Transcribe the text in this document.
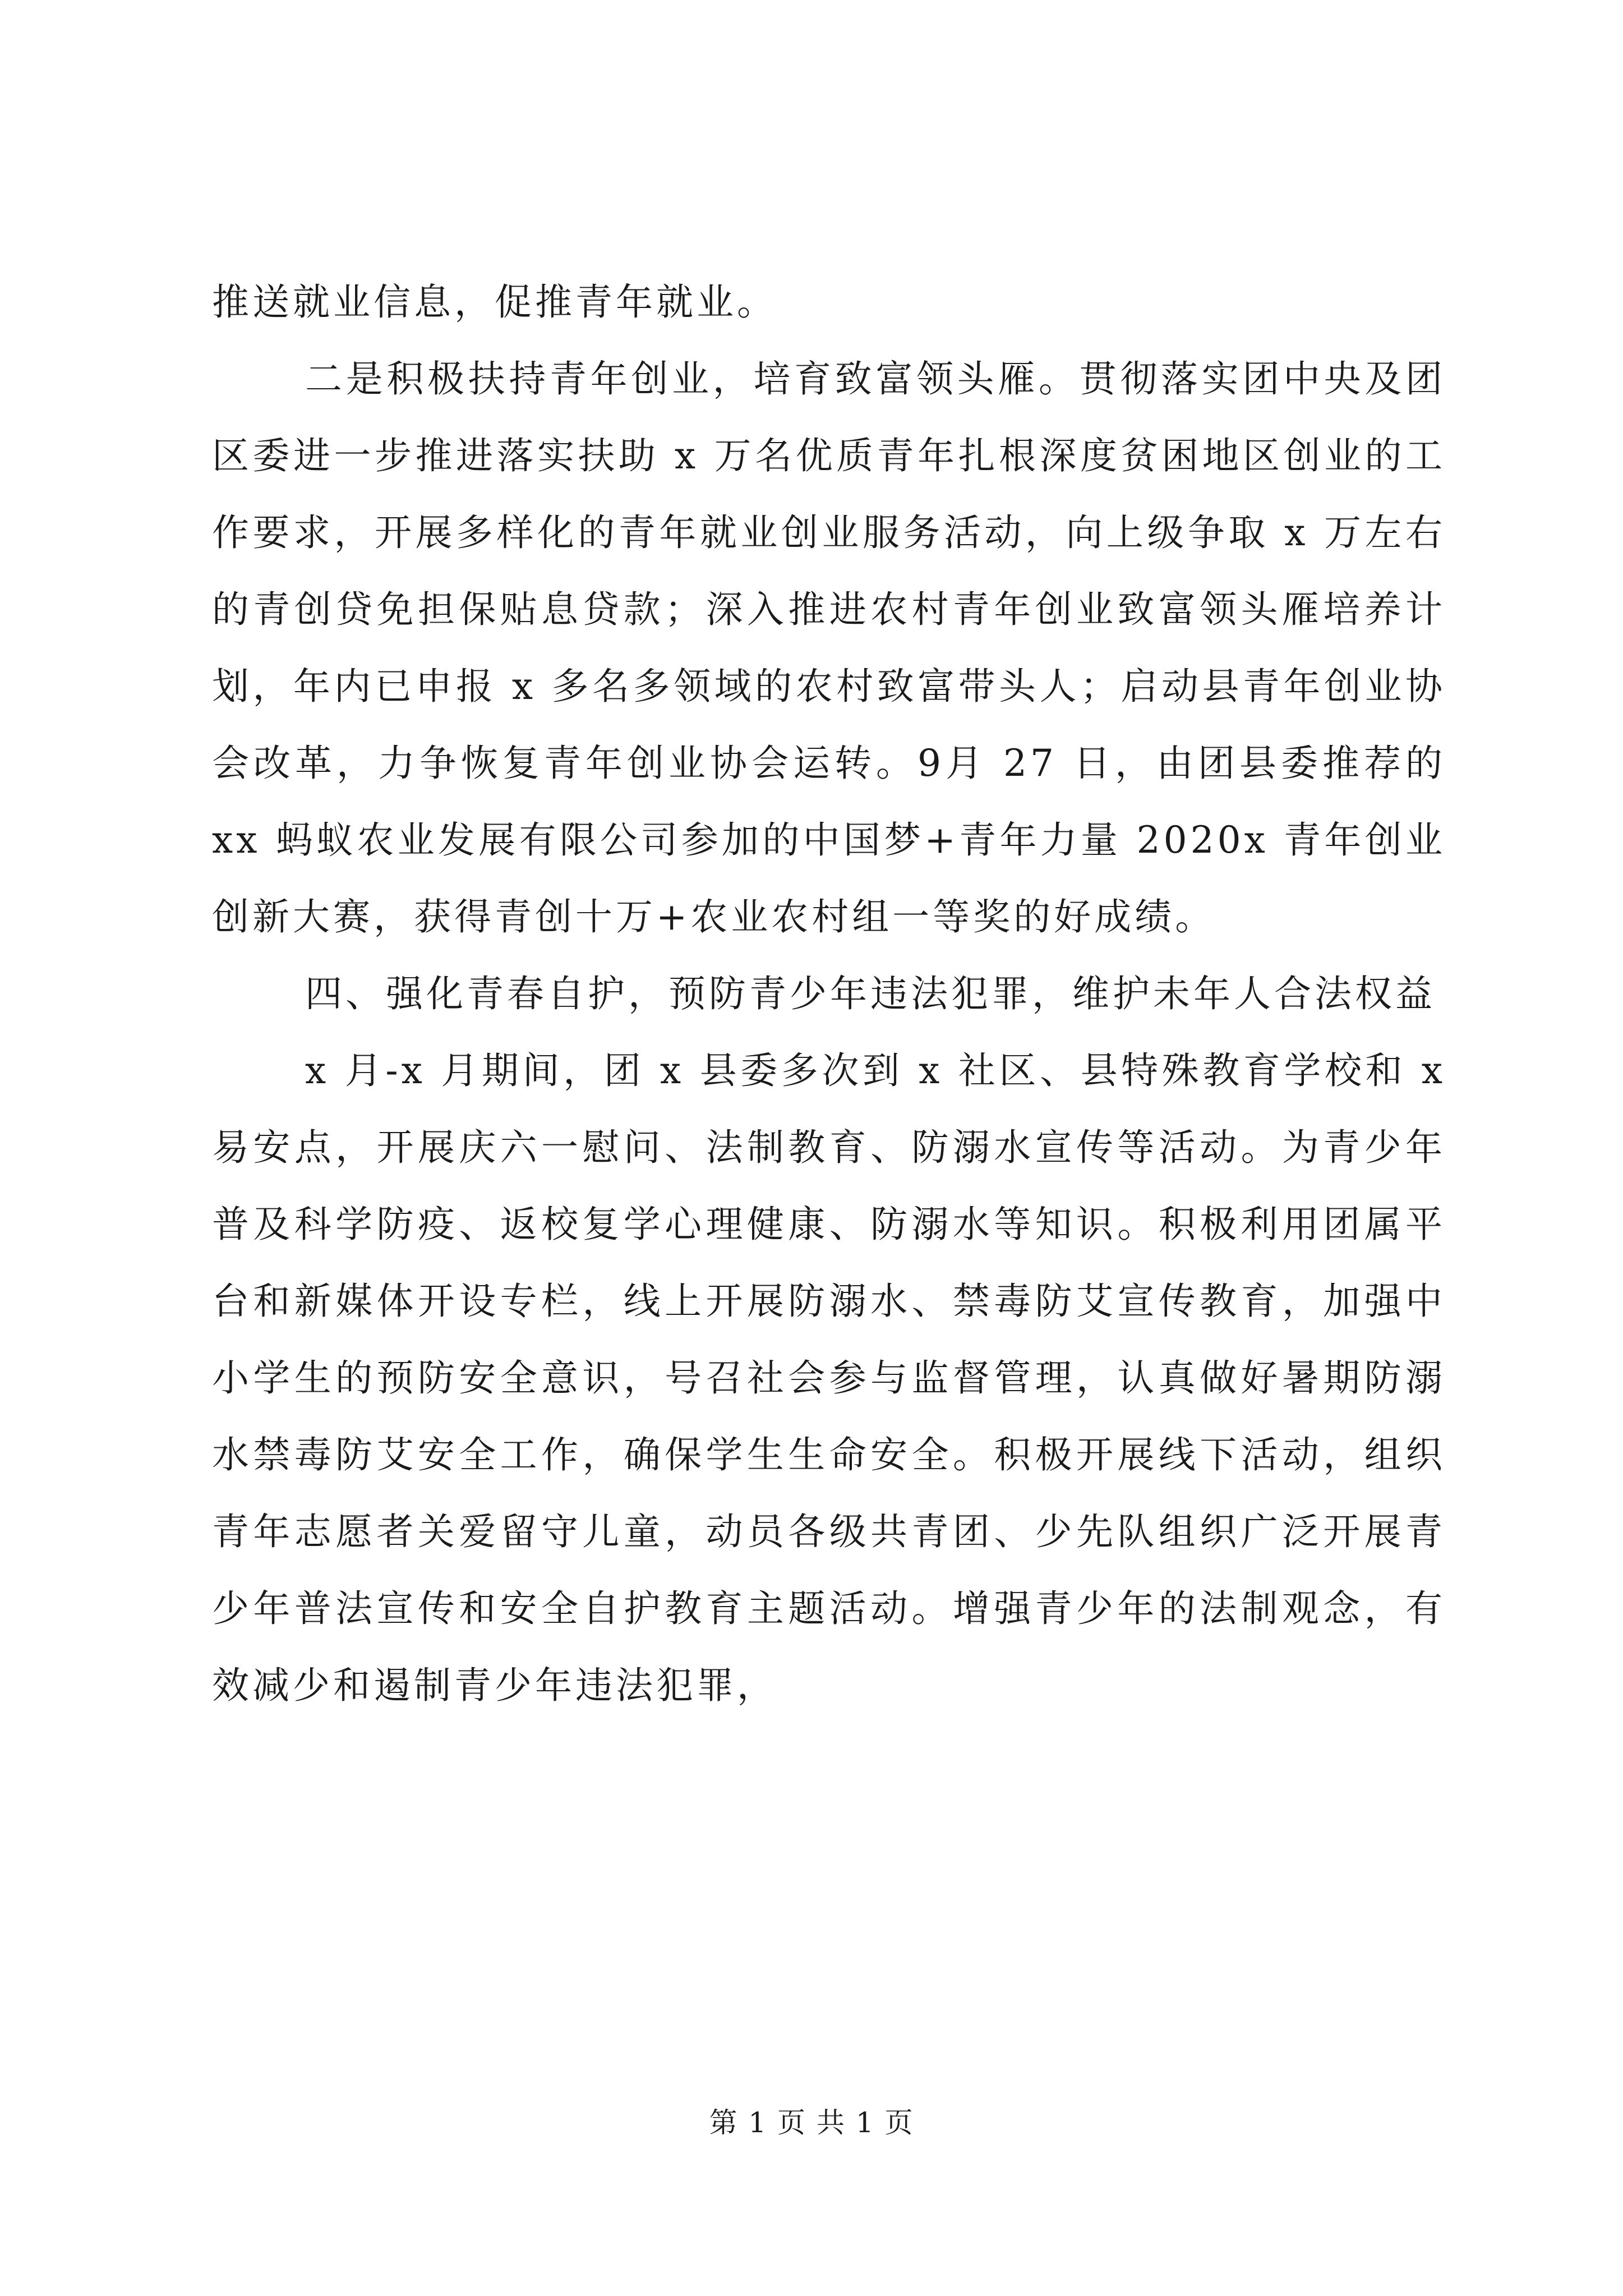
推送就业信息，促推青年就业。

二是积极扶持青年创业，培育致富领头雁。贯彻落实团中央及团区委进一步推进落实扶助 x 万名优质青年扎根深度贫困地区创业的工作要求，开展多样化的青年就业创业服务活动，向上级争取 x 万左右的青创贷免担保贴息贷款；深入推进农村青年创业致富领头雁培养计划，年内已申报 x 多名多领域的农村致富带头人；启动县青年创业协会改革，力争恢复青年创业协会运转。9月 27 日，由团县委推荐的 xx 蚂蚁农业发展有限公司参加的中国梦+青年力量 2020x 青年创业创新大赛，获得青创十万+农业农村组一等奖的好成绩。

四、强化青春自护，预防青少年违法犯罪，维护未年人合法权益

x 月-x 月期间，团 x 县委多次到 x 社区、县特殊教育学校和 x 易安点，开展庆六一慰问、法制教育、防溺水宣传等活动。为青少年普及科学防疫、返校复学心理健康、防溺水等知识。积极利用团属平台和新媒体开设专栏，线上开展防溺水、禁毒防艾宣传教育，加强中小学生的预防安全意识，号召社会参与监督管理，认真做好暑期防溺水禁毒防艾安全工作，确保学生生命安全。积极开展线下活动，组织青年志愿者关爱留守儿童，动员各级共青团、少先队组织广泛开展青少年普法宣传和安全自护教育主题活动。增强青少年的法制观念，有效减少和遏制青少年违法犯罪，

第 1 页 共 1 页
